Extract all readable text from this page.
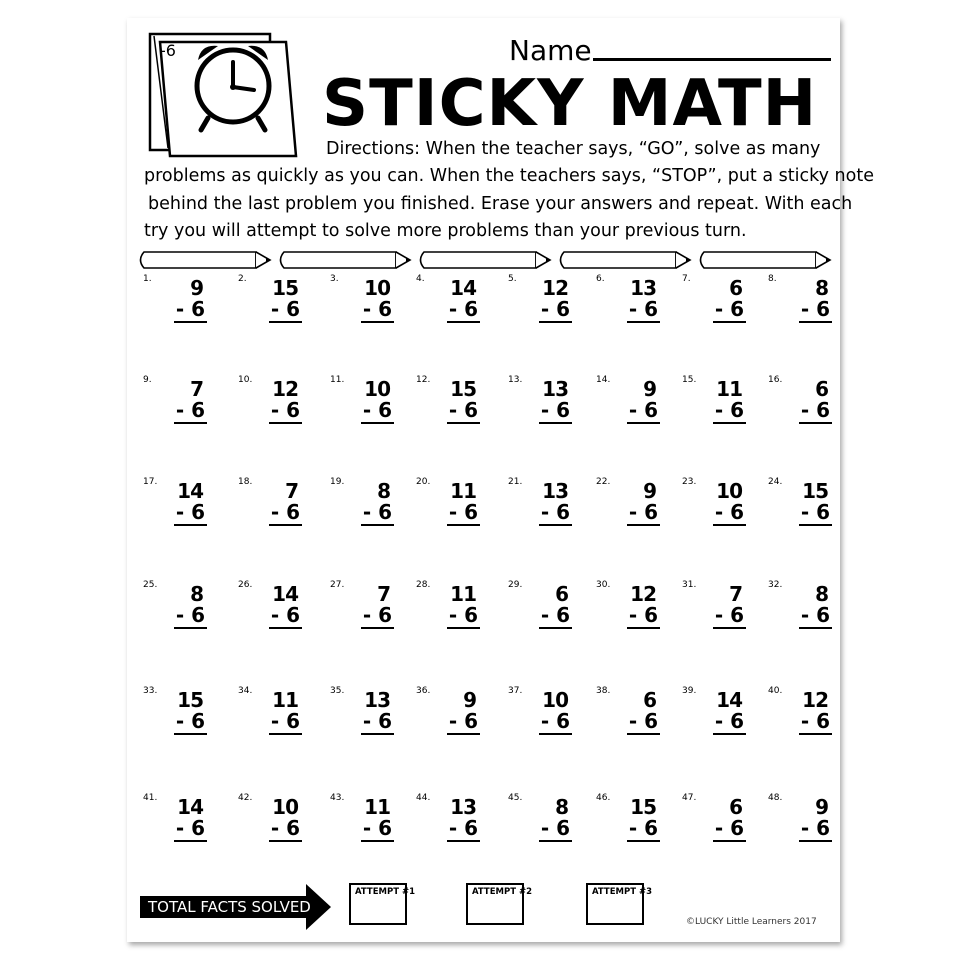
-6	Name
STICKY MATH
Directions: When the teacher says, “GO”, solve as many
problems as quickly as you can. When the teachers says, “STOP”, put a sticky note
behind the last problem you finished. Erase your answers and repeat. With each
try you will attempt to solve more problems than your previous turn.
1. 9
- 6
2. 15
- 6
3. 10
- 6
4. 14
- 6
5. 12
- 6
6. 13
- 6
7. 6
- 6
8. 8
- 6
9. 7
- 6
10. 12
- 6
11. 10
- 6
12. 15
- 6
13. 13
- 6
14. 9
- 6
15. 11
- 6
16. 6
- 6
17. 14
- 6
18. 7
- 6
19. 8
- 6
20. 11
- 6
21. 13
- 6
22. 9
- 6
23. 10
- 6
24. 15
- 6
25. 8
- 6
26. 14
- 6
27. 7
- 6
28. 11
- 6
29. 6
- 6
30. 12
- 6
31. 7
- 6
32. 8
- 6
33. 15
- 6
34. 11
- 6
35. 13
- 6
36. 9
- 6
37. 10
- 6
38. 6
- 6
39. 14
- 6
40. 12
- 6
41. 14
- 6
42. 10
- 6
43. 11
- 6
44. 13
- 6
45. 8
- 6
46. 15
- 6
47. 6
- 6
48. 9
- 6
TOTAL FACTS SOLVED
ATTEMPT #1	ATTEMPT #2	ATTEMPT #3
©LUCKY Little Learners 2017
